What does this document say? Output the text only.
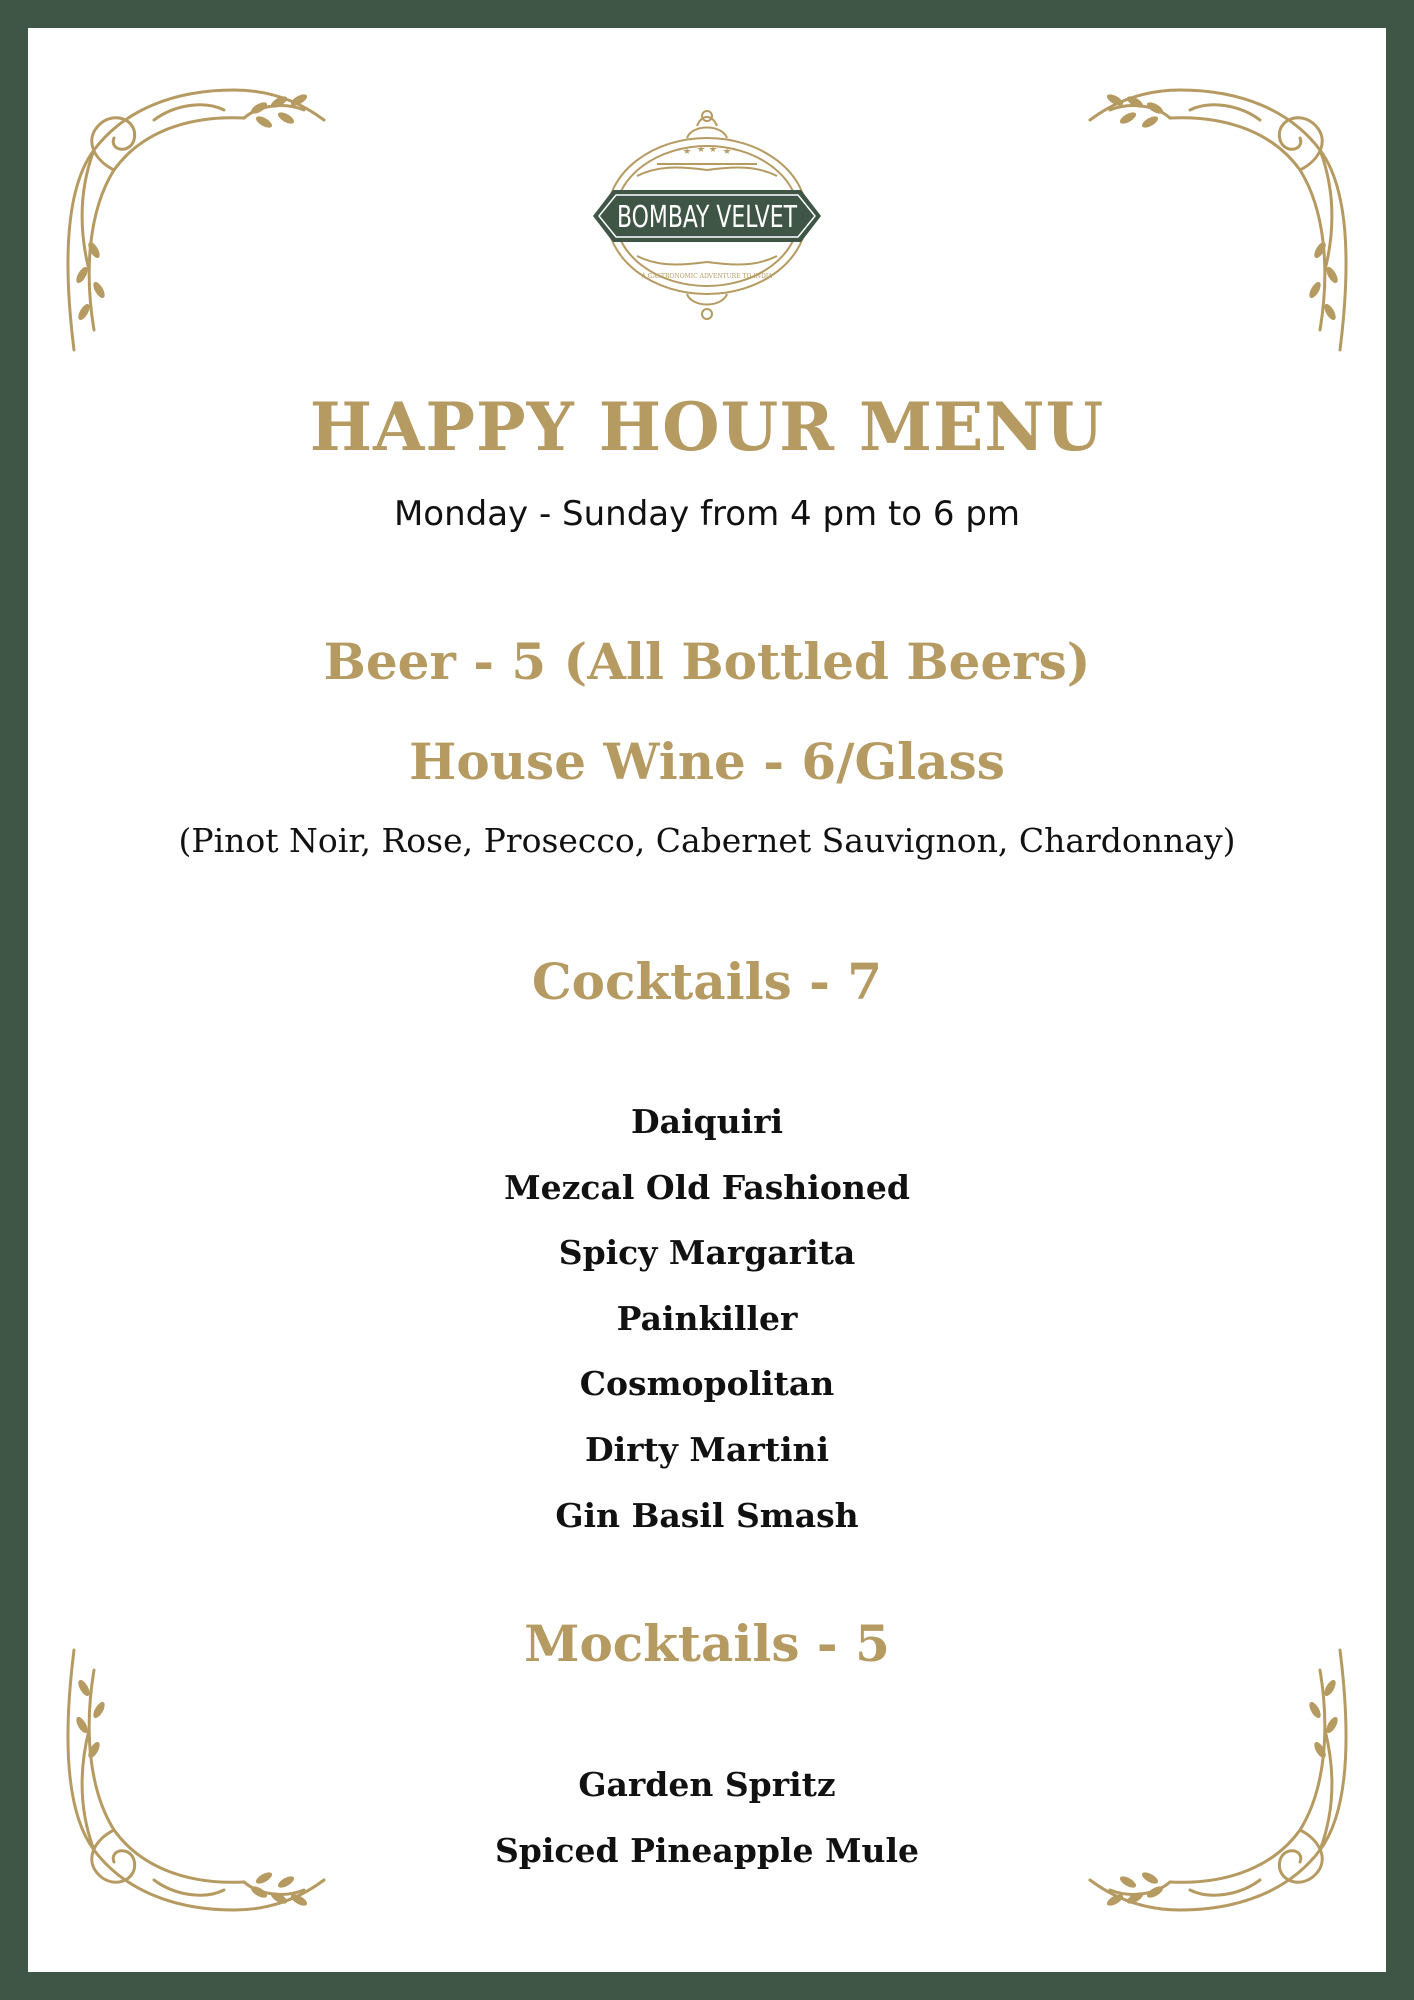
BOMBAY VELVET
A GASTRONOMIC ADVENTURE TO INDIA
HAPPY HOUR MENU
Monday - Sunday from 4 pm to 6 pm
Beer - 5 (All Bottled Beers)
House Wine - 6/Glass
(Pinot Noir, Rose, Prosecco, Cabernet Sauvignon, Chardonnay)
Cocktails - 7
Daiquiri
Mezcal Old Fashioned
Spicy Margarita
Painkiller
Cosmopolitan
Dirty Martini
Gin Basil Smash
Mocktails - 5
Garden Spritz
Spiced Pineapple Mule
